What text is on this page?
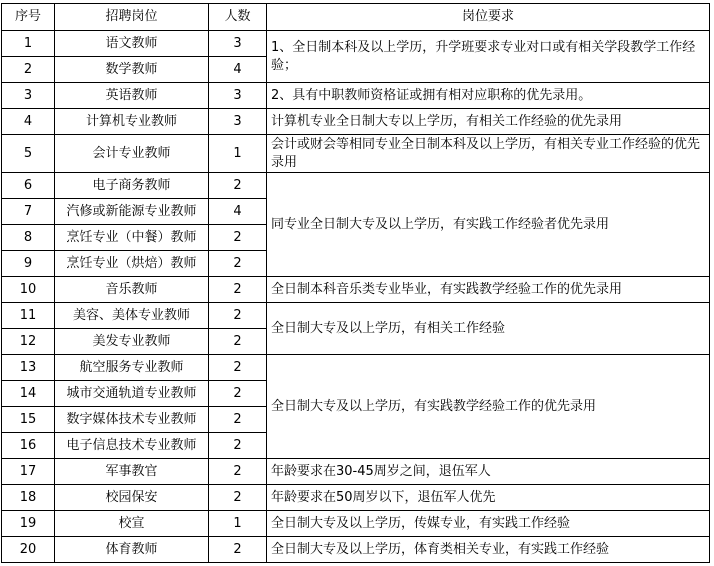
序号	招聘岗位	人数	岗位要求
1	语文教师	3	1、全日制本科及以上学历，升学班要求专业对口或有相关学段教学工作经验；
2	数学教师	4	
3	英语教师	3	2、具有中职教师资格证或拥有相对应职称的优先录用。
4	计算机专业教师	3	计算机专业全日制大专以上学历，有相关工作经验的优先录用
5	会计专业教师	1	会计或财会等相同专业全日制本科及以上学历，有相关专业工作经验的优先录用
6	电子商务教师	2	同专业全日制大专及以上学历，有实践工作经验者优先录用
7	汽修或新能源专业教师	4	
8	烹饪专业（中餐）教师	2	
9	烹饪专业（烘焙）教师	2	
10	音乐教师	2	全日制本科音乐类专业毕业，有实践教学经验工作的优先录用
11	美容、美体专业教师	2	全日制大专及以上学历，有相关工作经验
12	美发专业教师	2	
13	航空服务专业教师	2	全日制大专及以上学历，有实践教学经验工作的优先录用
14	城市交通轨道专业教师	2	
15	数字媒体技术专业教师	2	
16	电子信息技术专业教师	2	
17	军事教官	2	年龄要求在30-45周岁之间，退伍军人
18	校园保安	2	年龄要求在50周岁以下，退伍军人优先
19	校宣	1	全日制大专及以上学历，传媒专业，有实践工作经验
20	体育教师	2	全日制大专及以上学历，体育类相关专业，有实践工作经验
